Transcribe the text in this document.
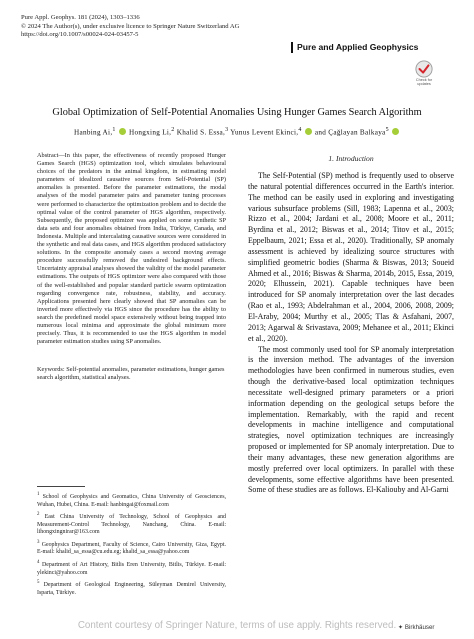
Pure Appl. Geophys. 181 (2024), 1303–1336
© 2024 The Author(s), under exclusive licence to Springer Nature Switzerland AG
https://doi.org/10.1007/s00024-024-03457-5
Pure and Applied Geophysics
Check for updates
Global Optimization of Self-Potential Anomalies Using Hunger Games Search Algorithm
Hanbing Ai,$^1$ Hongxing Li,$^2$ Khalid S. Essa,$^3$ Yunus Levent Ekinci,$^4$ and Çağlayan Balkaya$^5$
Abstract—In this paper, the effectiveness of recently proposed Hunger Games Search (HGS) optimization tool, which simulates behavioural choices of the predators in the animal kingdom, in estimating model parameters of idealized causative sources from Self-Potential (SP) anomalies is presented. Before the parameter estimations, the modal analyses of the model parameter pairs and parameter tuning processes were performed to characterize the optimization problem and to decide the optimal value of the control parameter of HGS algorithm, respectively. Subsequently, the proposed optimizer was applied on some synthetic SP data sets and four anomalies obtained from India, Türkiye, Canada, and Indonesia. Multiple and intercalating causative sources were considered in the synthetic and real data cases, and HGS algorithm produced satisfactory solutions. In the composite anomaly cases a second moving average procedure successfully removed the undesired background effects. Uncertainty appraisal analyses showed the validity of the model parameter estimations. The outputs of HGS optimizer were also compared with those of the well-established and popular standard particle swarm optimization regarding convergence rate, robustness, stability, and accuracy. Applications presented here clearly showed that SP anomalies can be inverted more effectively via HGS since the procedure has the ability to search the predefined model space extensively without being trapped into numerous local minima and approximate the global minimum more precisely. Thus, it is recommended to use the HGS algorithm in model parameter estimation studies using SP anomalies.
Keywords: Self-potential anomalies, parameter estimations, hunger games search algorithm, statistical analyses.
$^1$ School of Geophysics and Geomatics, China University of Geosciences, Wuhan, Hubei, China. E-mail: hanbingai@foxmail.com
$^2$ East China University of Technology, School of Geophysics and Measurement-Control Technology, Nanchang, China. E-mail: lihongxingnirar@163.com
$^3$ Geophysics Department, Faculty of Science, Cairo University, Giza, Egypt. E-mail: khalid_sa_essa@cu.edu.eg; khalid_sa_essa@yahoo.com
$^4$ Department of Art History, Bitlis Eren University, Bitlis, Türkiye. E-mail: ylekinci@yahoo.com
$^5$ Department of Geological Engineering, Süleyman Demirel University, Isparta, Türkiye.
1. Introduction

The Self-Potential (SP) method is frequently used to observe the natural potential differences occurred in the Earth's interior. The method can be easily used in exploring and investigating various subsurface problems (Sill, 1983; Lapenna et al., 2003; Rizzo et al., 2004; Jardani et al., 2008; Moore et al., 2011; Byrdina et al., 2012; Biswas et al., 2014; Titov et al., 2015; Eppelbaum, 2021; Essa et al., 2020). Traditionally, SP anomaly assessment is achieved by idealizing source structures with simplified geometric bodies (Sharma & Biswas, 2013; Soueid Ahmed et al., 2016; Biswas & Sharma, 2014b, 2015, Essa, 2019, 2020; Elhussein, 2021). Capable techniques have been introduced for SP anomaly interpretation over the last decades (Rao et al., 1993; Abdelrahman et al., 2004, 2006, 2008, 2009; El-Araby, 2004; Murthy et al., 2005; Tlas & Asfahani, 2007, 2013; Agarwal & Srivastava, 2009; Mehanee et al., 2011; Ekinci et al., 2020).

The most commonly used tool for SP anomaly interpretation is the inversion method. The advantages of the inversion methodologies have been confirmed in numerous studies, even though the derivative-based local optimization techniques necessitate well-designed primary parameters or a priori information depending on the geological setups before the implementation. Remarkably, with the rapid and recent developments in machine intelligence and computational strategies, novel optimization techniques are increasingly proposed or implemented for SP anomaly interpretation. Due to their many advantages, these new generation algorithms are mostly preferred over local optimizers. In parallel with these developments, some effective algorithms have been presented. Some of these studies are as follows. El-Kaliouby and Al-Garni

✦ Birkhäuser
Content courtesy of Springer Nature, terms of use apply. Rights reserved.
